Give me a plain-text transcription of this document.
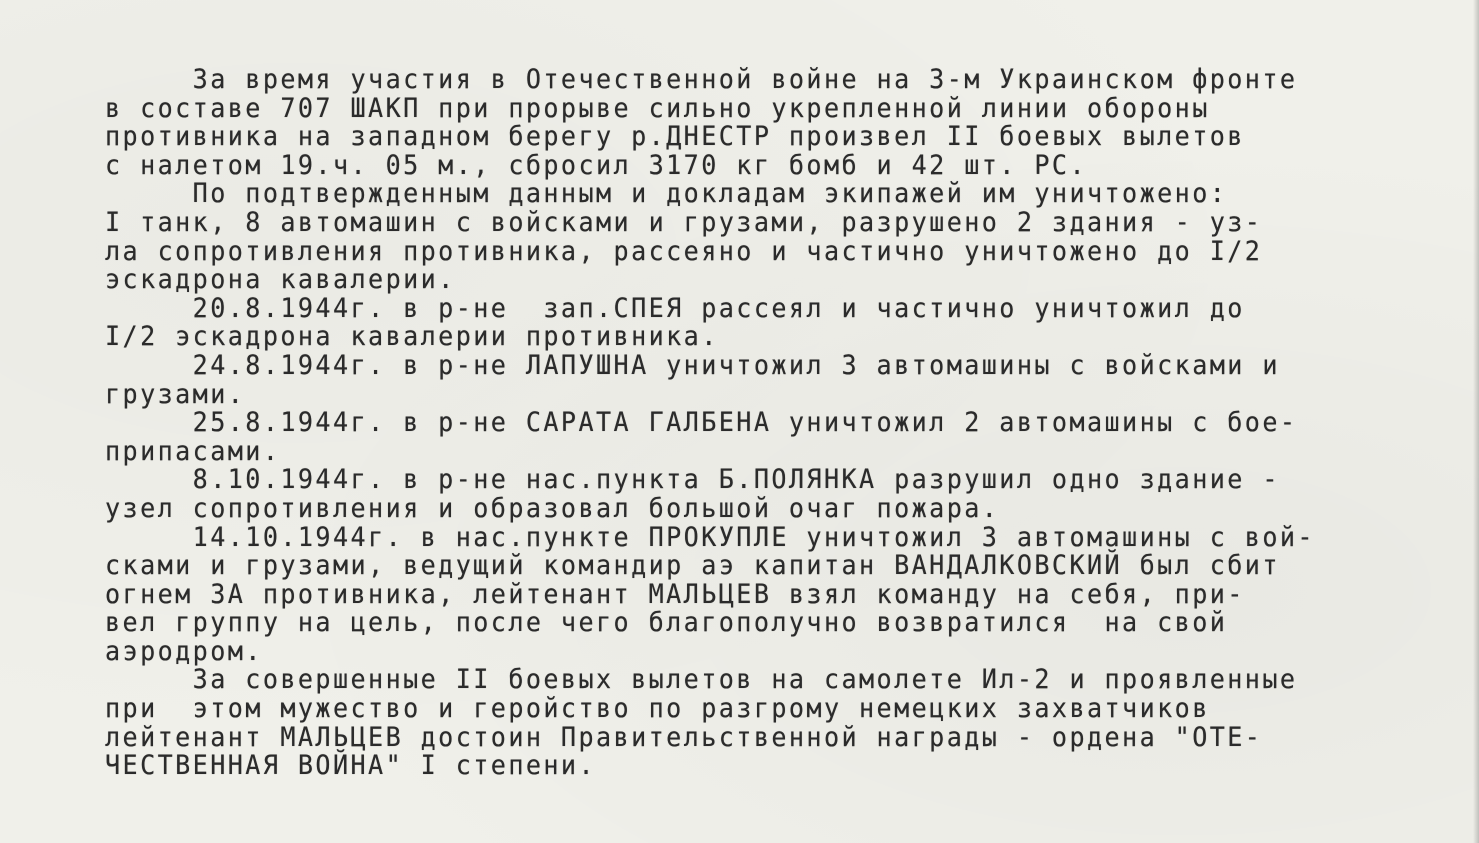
За время участия в Отечественной войне на 3-м Украинском фронте
в составе 707 ШАКП при прорыве сильно укрепленной линии обороны
противника на западном берегу р.ДНЕСТР произвел II боевых вылетов
с налетом 19.ч. 05 м., сбросил 3170 кг бомб и 42 шт. РС.
По подтвержденным данным и докладам экипажей им уничтожено:
I танк, 8 автомашин с войсками и грузами, разрушено 2 здания - уз-
ла сопротивления противника, рассеяно и частично уничтожено до I/2
эскадрона кавалерии.
20.8.1944г. в р-не  зап.СПЕЯ рассеял и частично уничтожил до
I/2 эскадрона кавалерии противника.
24.8.1944г. в р-не ЛАПУШНА уничтожил 3 автомашины с войсками и
грузами.
25.8.1944г. в р-не САРАТА ГАЛБЕНА уничтожил 2 автомашины с бое-
припасами.
8.10.1944г. в р-не нас.пункта Б.ПОЛЯНКА разрушил одно здание -
узел сопротивления и образовал большой очаг пожара.
14.10.1944г. в нас.пункте ПРОКУПЛЕ уничтожил 3 автомашины с вой-
сками и грузами, ведущий командир аэ капитан ВАНДАЛКОВСКИЙ был сбит
огнем ЗА противника, лейтенант МАЛЬЦЕВ взял команду на себя, при-
вел группу на цель, после чего благополучно возвратился  на свой
аэродром.
За совершенные II боевых вылетов на самолете Ил-2 и проявленные
при  этом мужество и геройство по разгрому немецких захватчиков
лейтенант МАЛЬЦЕВ достоин Правительственной награды - ордена "ОТЕ-
ЧЕСТВЕННАЯ ВОЙНА" I степени.
